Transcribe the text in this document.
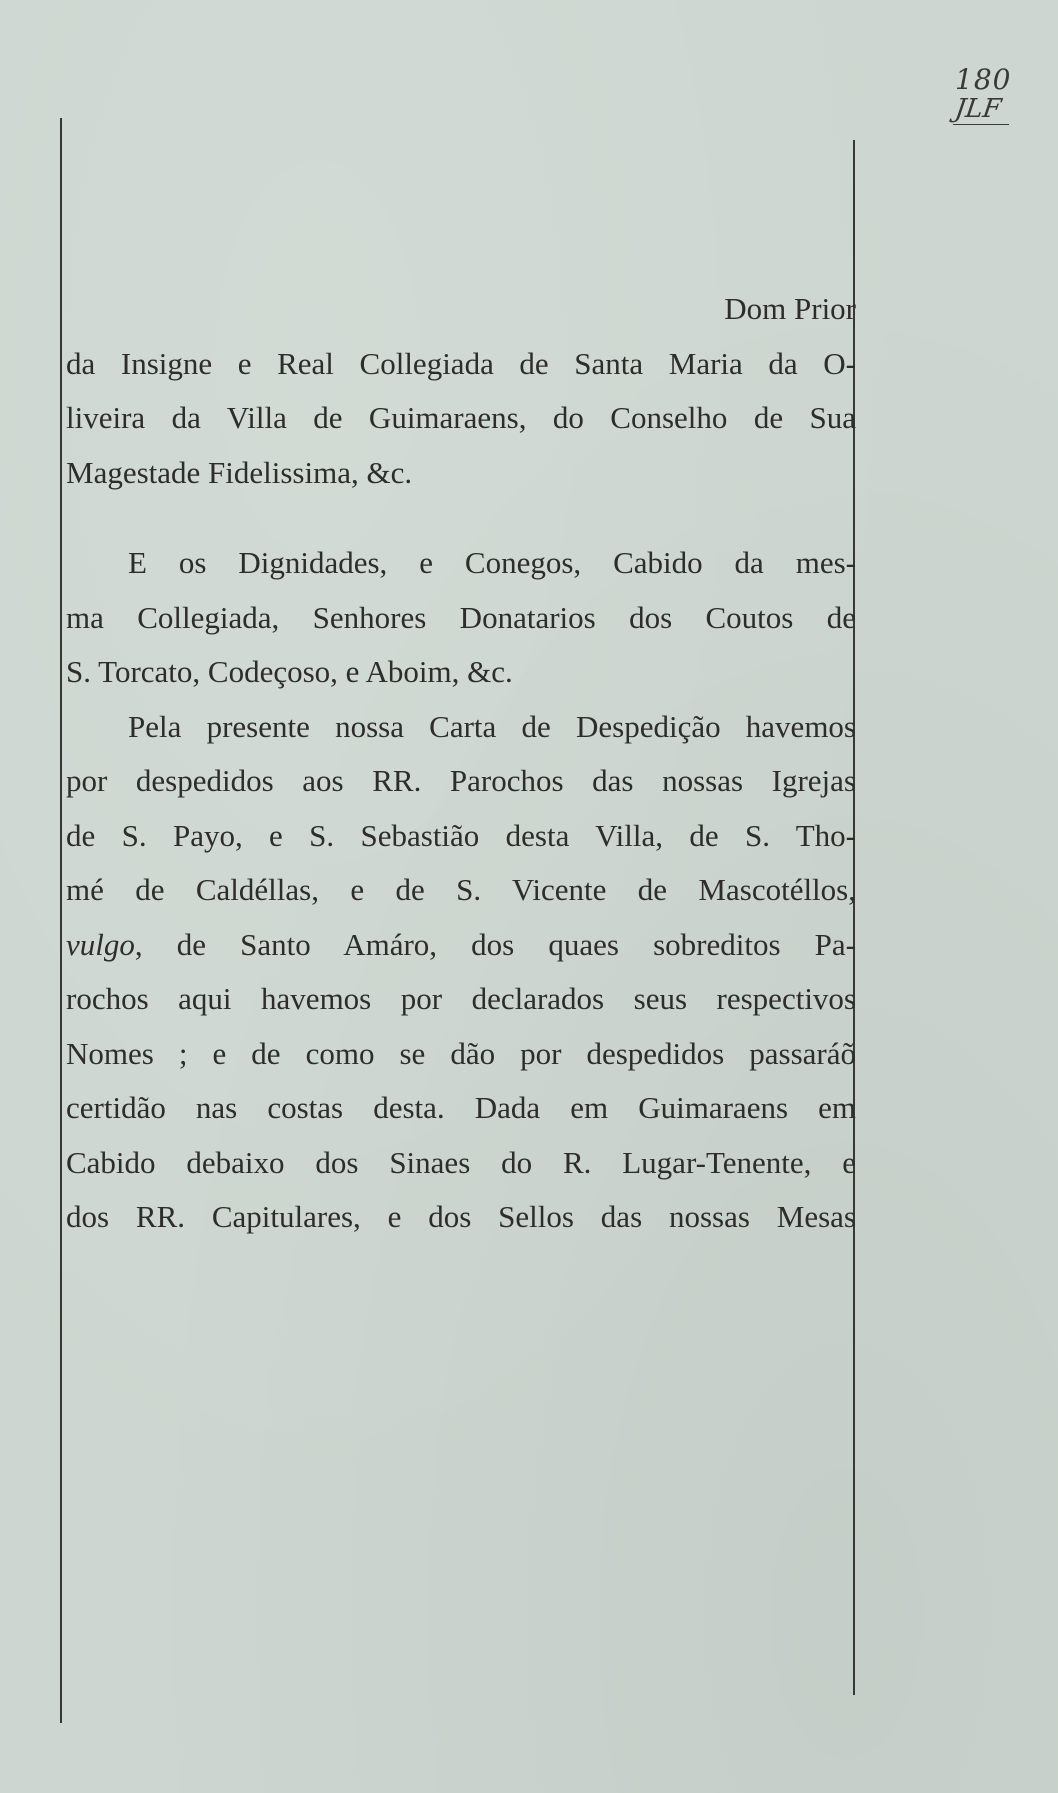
180
JLF
Dom Prior
da Insigne e Real Collegiada de Santa Maria da O-
liveira da Villa de Guimaraens, do Conselho de Sua
Magestade Fidelissima, &c.
E os Dignidades, e Conegos, Cabido da mes-
ma Collegiada, Senhores Donatarios dos Coutos de
S. Torcato, Codeçoso, e Aboim, &c.
Pela presente nossa Carta de Despedição havemos
por despedidos aos RR. Parochos das nossas Igrejas
de S. Payo, e S. Sebastião desta Villa, de S. Tho-
mé de Caldéllas, e de S. Vicente de Mascotéllos,
vulgo, de Santo Amáro, dos quaes sobreditos Pa-
rochos aqui havemos por declarados seus respectivos
Nomes ; e de como se dão por despedidos passaráõ
certidão nas costas desta. Dada em Guimaraens em
Cabido debaixo dos Sinaes do R. Lugar-Tenente, e
dos RR. Capitulares, e dos Sellos das nossas Mesas
